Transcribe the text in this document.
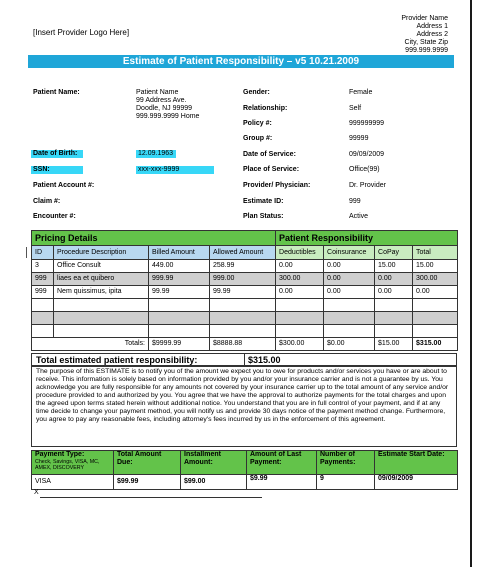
[Insert Provider Logo Here]
Provider Name
Address 1
Address 2
City, State Zip
999.999.9999
Estimate of Patient Responsibility – v5 10.21.2009
Patient Name:	Patient Name
99 Address Ave.
Doodle, NJ 99999
999.999.9999 Home
Date of Birth:	12.09.1963
SSN:	xxx-xxx-9999
Patient Account #:
Claim #:
Encounter #:
Gender:	Female
Relationship:	Self
Policy #:	999999999
Group #:	99999
Date of Service:	09/09/2009
Place of Service:	Office(99)
Provider/ Physician:	Dr. Provider
Estimate ID:	999
Plan Status:	Active
Pricing Details				Patient Responsibility			
ID	Procedure Description	Billed Amount	Allowed Amount	Deductibles	Coinsurance	CoPay	Total
3	Office Consult	449.00	258.99	0.00	0.00	15.00	15.00
999	liaes ea et quibero	999.99	999.00	300.00	0.00	0.00	300.00
999	Nem quissimus, ipita	99.99	99.99	0.00	0.00	0.00	0.00

Totals:		$9999.99	$8888.88	$300.00	$0.00	$15.00	$315.00
Total estimated patient responsibility:	$315.00
The purpose of this ESTIMATE is to notify you of the amount we expect you to owe for products and/or services you have or are about to receive. This information is solely based on information provided by you and/or your insurance carrier and is not a guarantee by us. You acknowledge you are fully responsible for any amounts not covered by your insurance carrier up to the total amount of any service and/or procedure provided to and authorized by you. You agree that we have the approval to authorize payments for the total charges and upon the agreed upon terms stated herein without additional notice. You understand that you are in full control of your payment, and if at any time decide to change your payment method, you will notify us and provide 30 days notice of the payment method change. Furthermore, you agree to pay any reasonable fees, including attorney's fees incurred by us in the enforcement of this agreement.
Payment Type:
Check, Savings, VISA, MC, AMEX, DISCOVERY	Total Amount Due:	Installment Amount:	Amount of Last Payment:	Number of Payments:	Estimate Start Date:
VISA	$99.99	$99.00	$9.99	9	09/09/2009
X
